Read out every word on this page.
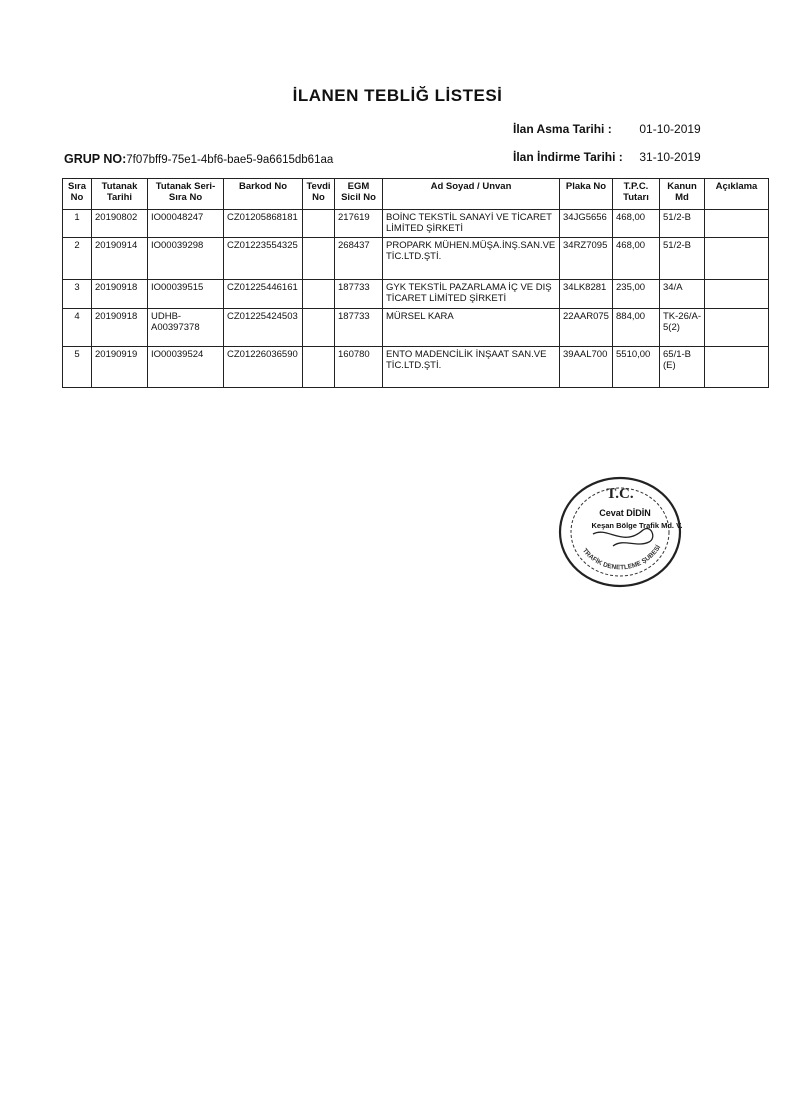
İLANEN TEBLİĞ LİSTESİ
İlan Asma Tarihi : 01-10-2019
İlan İndirme Tarihi : 31-10-2019
GRUP NO:7f07bff9-75e1-4bf6-bae5-9a6615db61aa
Sıra No	Tutanak Tarihi	Tutanak Seri-Sıra No	Barkod No	Tevdi No	EGM Sicil No	Ad Soyad / Unvan	Plaka No	T.P.C. Tutarı	Kanun Md	Açıklama
1	20190802	IO00048247	CZ01205868181		217619	BOİNC TEKSTİL SANAYİ VE TİCARET LİMİTED ŞİRKETİ	34JG5656	468,00	51/2-B	
2	20190914	IO00039298	CZ01223554325		268437	PROPARK MÜHEN.MÜŞA.İNŞ.SAN.VE TİC.LTD.ŞTİ.	34RZ7095	468,00	51/2-B	
3	20190918	IO00039515	CZ01225446161		187733	GYK TEKSTİL PAZARLAMA İÇ VE DIŞ TİCARET LİMİTED ŞİRKETİ	34LK8281	235,00	34/A	
4	20190918	UDHB-A00397378	CZ01225424503		187733	MÜRSEL KARA	22AAR075	884,00	TK-26/A-5(2)	
5	20190919	IO00039524	CZ01226036590		160780	ENTO MADENCİLİK İNŞAAT SAN.VE TİC.LTD.ŞTİ.	39AAL700	5510,00	65/1-B (E)	
T.C.
Cevat DİDİN
Keşan Bölge Trafik Md. V.
TRAFİK DENETLEME ŞUBESİ
